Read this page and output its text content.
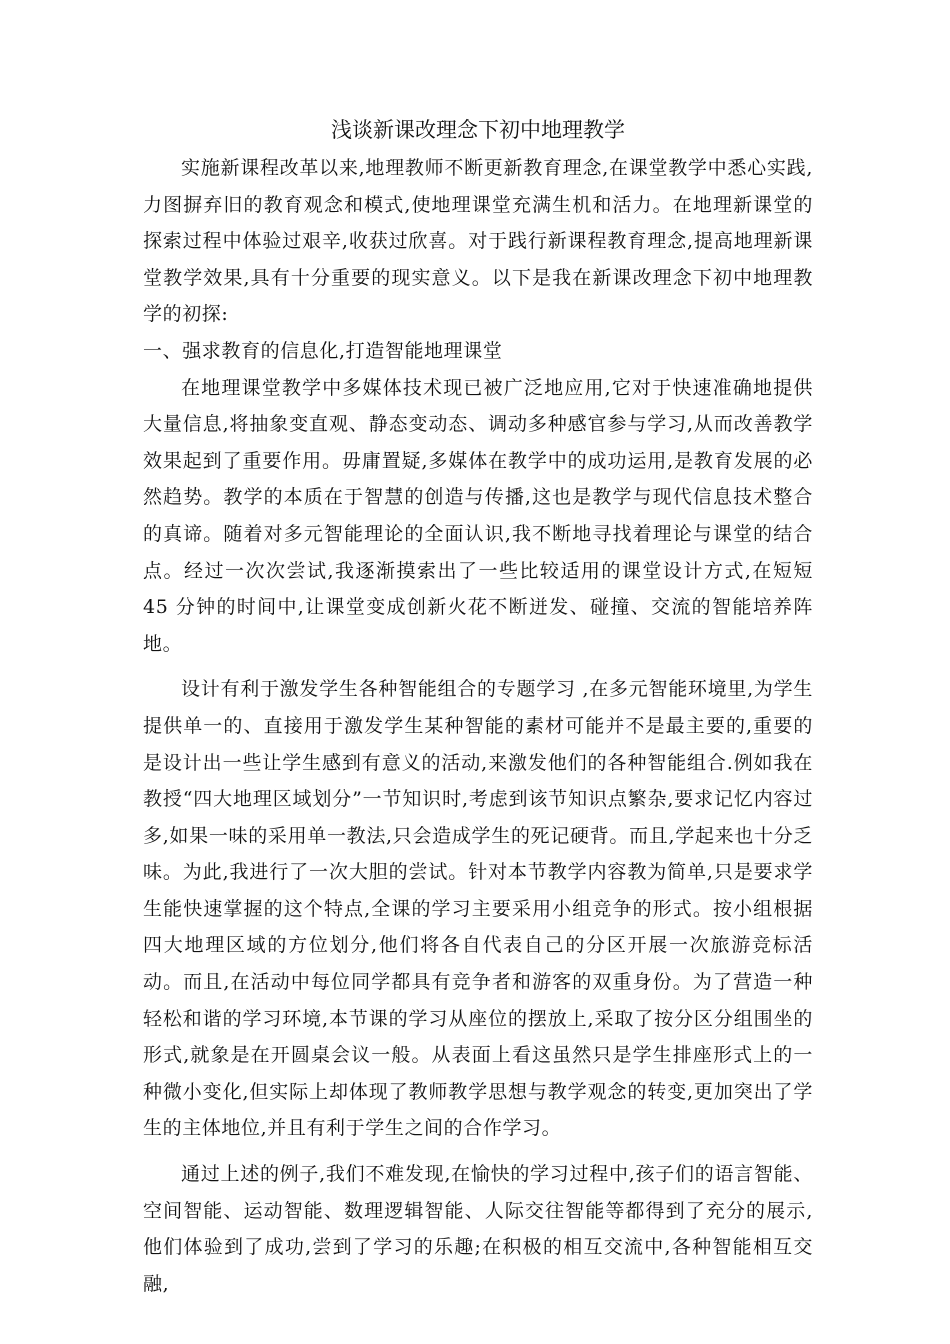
浅谈新课改理念下初中地理教学

实施新课程改革以来,地理教师不断更新教育理念,在课堂教学中悉心实践,力图摒弃旧的教育观念和模式,使地理课堂充满生机和活力。在地理新课堂的探索过程中体验过艰辛,收获过欣喜。对于践行新课程教育理念,提高地理新课堂教学效果,具有十分重要的现实意义。以下是我在新课改理念下初中地理教学的初探:

一、强求教育的信息化,打造智能地理课堂

在地理课堂教学中多媒体技术现已被广泛地应用,它对于快速准确地提供大量信息,将抽象变直观、静态变动态、调动多种感官参与学习,从而改善教学效果起到了重要作用。毋庸置疑,多媒体在教学中的成功运用,是教育发展的必然趋势。教学的本质在于智慧的创造与传播,这也是教学与现代信息技术整合的真谛。随着对多元智能理论的全面认识,我不断地寻找着理论与课堂的结合点。经过一次次尝试,我逐渐摸索出了一些比较适用的课堂设计方式,在短短 45 分钟的时间中,让课堂变成创新火花不断迸发、碰撞、交流的智能培养阵地。

设计有利于激发学生各种智能组合的专题学习 ,在多元智能环境里,为学生提供单一的、直接用于激发学生某种智能的素材可能并不是最主要的,重要的是设计出一些让学生感到有意义的活动,来激发他们的各种智能组合.例如我在教授“四大地理区域划分”一节知识时,考虑到该节知识点繁杂,要求记忆内容过多,如果一味的采用单一教法,只会造成学生的死记硬背。而且,学起来也十分乏味。为此,我进行了一次大胆的尝试。针对本节教学内容教为简单,只是要求学生能快速掌握的这个特点,全课的学习主要采用小组竞争的形式。按小组根据四大地理区域的方位划分,他们将各自代表自己的分区开展一次旅游竞标活动。而且,在活动中每位同学都具有竞争者和游客的双重身份。为了营造一种轻松和谐的学习环境,本节课的学习从座位的摆放上,采取了按分区分组围坐的形式,就象是在开圆桌会议一般。从表面上看这虽然只是学生排座形式上的一种微小变化,但实际上却体现了教师教学思想与教学观念的转变,更加突出了学生的主体地位,并且有利于学生之间的合作学习。

通过上述的例子,我们不难发现,在愉快的学习过程中,孩子们的语言智能、空间智能、运动智能、数理逻辑智能、人际交往智能等都得到了充分的展示,他们体验到了成功,尝到了学习的乐趣;在积极的相互交流中,各种智能相互交融,
